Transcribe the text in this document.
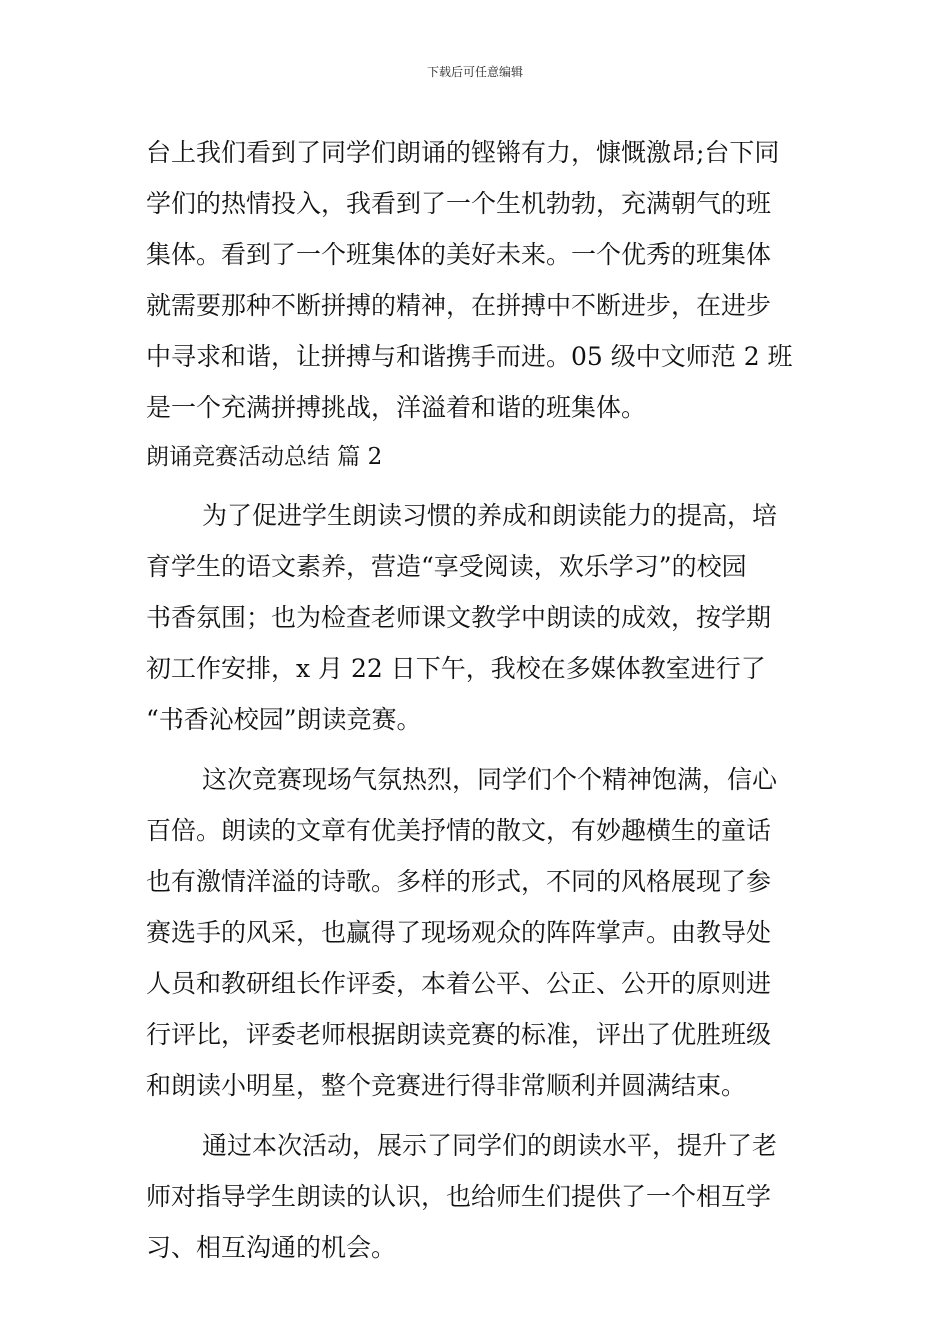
下载后可任意编辑
台上我们看到了同学们朗诵的铿锵有力，慷慨激昂;台下同
学们的热情投入，我看到了一个生机勃勃，充满朝气的班
集体。看到了一个班集体的美好未来。一个优秀的班集体
就需要那种不断拼搏的精神，在拼搏中不断进步，在进步
中寻求和谐，让拼搏与和谐携手而进。05 级中文师范 2 班
是一个充满拼搏挑战，洋溢着和谐的班集体。
朗诵竞赛活动总结 篇 2
为了促进学生朗读习惯的养成和朗读能力的提高，培
育学生的语文素养，营造“享受阅读，欢乐学习”的校园
书香氛围；也为检查老师课文教学中朗读的成效，按学期
初工作安排，x 月 22 日下午，我校在多媒体教室进行了
“书香沁校园”朗读竞赛。
这次竞赛现场气氛热烈，同学们个个精神饱满，信心
百倍。朗读的文章有优美抒情的散文，有妙趣横生的童话
也有激情洋溢的诗歌。多样的形式，不同的风格展现了参
赛选手的风采，也赢得了现场观众的阵阵掌声。由教导处
人员和教研组长作评委，本着公平、公正、公开的原则进
行评比，评委老师根据朗读竞赛的标准，评出了优胜班级
和朗读小明星，整个竞赛进行得非常顺利并圆满结束。
通过本次活动，展示了同学们的朗读水平，提升了老
师对指导学生朗读的认识，也给师生们提供了一个相互学
习、相互沟通的机会。
